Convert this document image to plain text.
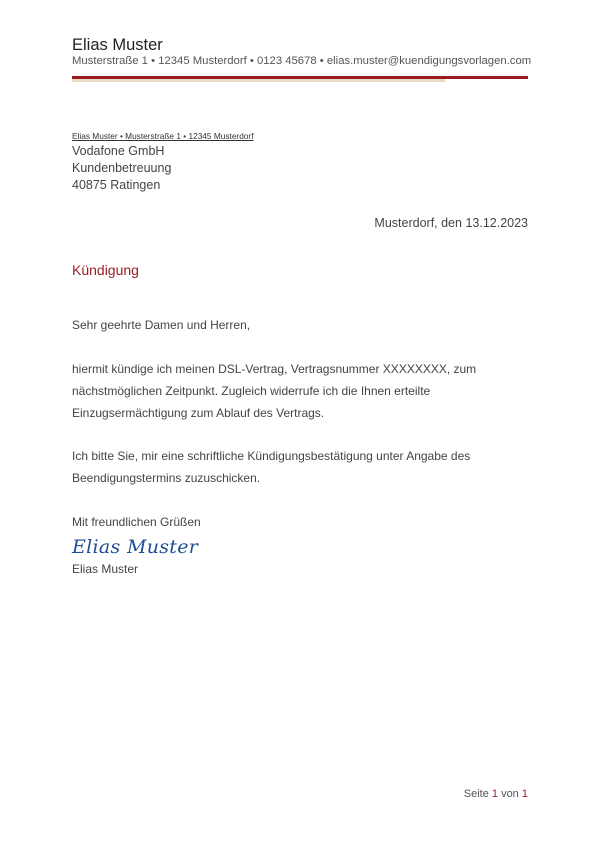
Elias Muster
Musterstraße 1 • 12345 Musterdorf • 0123 45678 • elias.muster@kuendigungsvorlagen.com
Elias Muster • Musterstraße 1 • 12345 Musterdorf
Vodafone GmbH
Kundenbetreuung
40875 Ratingen
Musterdorf, den 13.12.2023
Kündigung
Sehr geehrte Damen und Herren,
hiermit kündige ich meinen DSL-Vertrag, Vertragsnummer XXXXXXXX, zum
nächstmöglichen Zeitpunkt. Zugleich widerrufe ich die Ihnen erteilte
Einzugsermächtigung zum Ablauf des Vertrags.
Ich bitte Sie, mir eine schriftliche Kündigungsbestätigung unter Angabe des
Beendigungstermins zuzuschicken.
Mit freundlichen Grüßen
Elias Muster
Elias Muster
Seite 1 von 1
